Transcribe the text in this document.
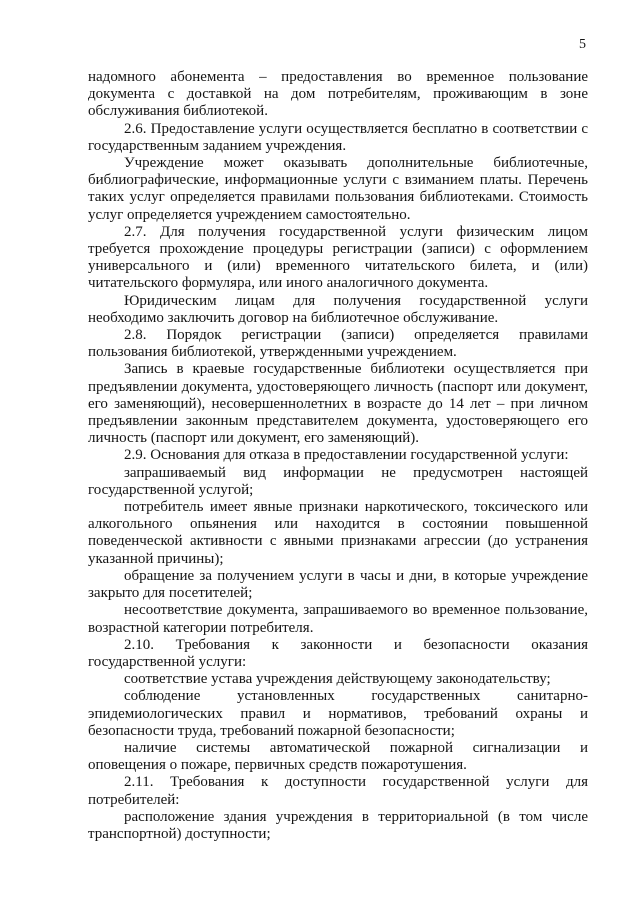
5

надомного абонемента – предоставления во временное пользование документа с доставкой на дом потребителям, проживающим в зоне обслуживания библиотекой.

2.6. Предоставление услуги осуществляется бесплатно в соответствии с государственным заданием учреждения.

Учреждение может оказывать дополнительные библиотечные, библиографические, информационные услуги с взиманием платы. Перечень таких услуг определяется правилами пользования библиотеками. Стоимость услуг определяется учреждением самостоятельно.

2.7. Для получения государственной услуги физическим лицом требуется прохождение процедуры регистрации (записи) с оформлением универсального и (или) временного читательского билета, и (или) читательского формуляра, или иного аналогичного документа.

Юридическим лицам для получения государственной услуги необходимо заключить договор на библиотечное обслуживание.

2.8. Порядок регистрации (записи) определяется правилами пользования библиотекой, утвержденными учреждением.

Запись в краевые государственные библиотеки осуществляется при предъявлении документа, удостоверяющего личность (паспорт или документ, его заменяющий), несовершеннолетних в возрасте до 14 лет – при личном предъявлении законным представителем документа, удостоверяющего его личность (паспорт или документ, его заменяющий).

2.9. Основания для отказа в предоставлении государственной услуги:

запрашиваемый вид информации не предусмотрен настоящей государственной услугой;

потребитель имеет явные признаки наркотического, токсического или алкогольного опьянения или находится в состоянии повышенной поведенческой активности с явными признаками агрессии (до устранения указанной причины);

обращение за получением услуги в часы и дни, в которые учреждение закрыто для посетителей;

несоответствие документа, запрашиваемого во временное пользование, возрастной категории потребителя.

2.10. Требования к законности и безопасности оказания государственной услуги:

соответствие устава учреждения действующему законодательству;

соблюдение установленных государственных санитарно-эпидемиологических правил и нормативов, требований охраны и безопасности труда, требований пожарной безопасности;

наличие системы автоматической пожарной сигнализации и оповещения о пожаре, первичных средств пожаротушения.

2.11. Требования к доступности государственной услуги для потребителей:

расположение здания учреждения в территориальной (в том числе транспортной) доступности;
